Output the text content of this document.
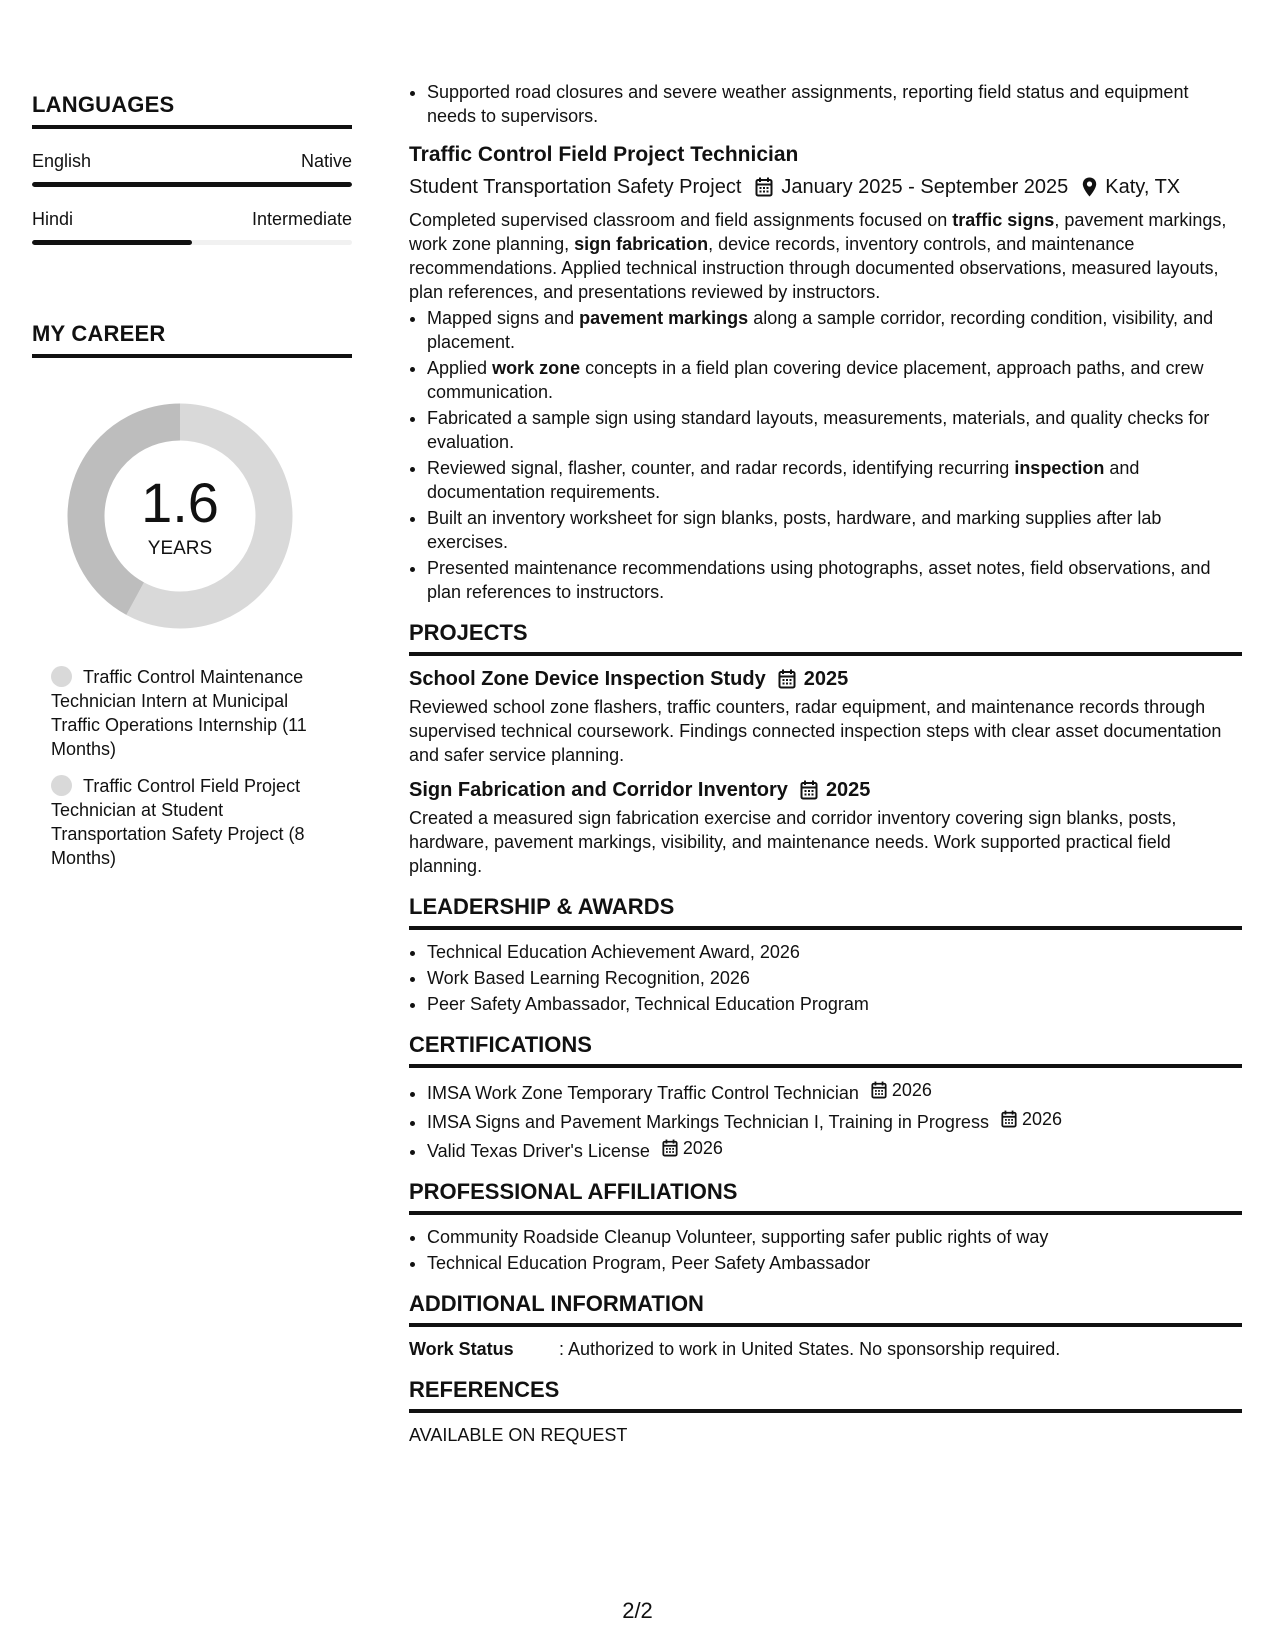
LANGUAGES
English	Native
Hindi	Intermediate
MY CAREER
1.6
YEARS
Traffic Control Maintenance Technician Intern at Municipal Traffic Operations Internship (11 Months)
Traffic Control Field Project Technician at Student Transportation Safety Project (8 Months)
• Supported road closures and severe weather assignments, reporting field status and equipment needs to supervisors.
Traffic Control Field Project Technician
Student Transportation Safety Project January 2025 - September 2025 Katy, TX
Completed supervised classroom and field assignments focused on traffic signs, pavement markings, work zone planning, sign fabrication, device records, inventory controls, and maintenance recommendations. Applied technical instruction through documented observations, measured layouts, plan references, and presentations reviewed by instructors.
• Mapped signs and pavement markings along a sample corridor, recording condition, visibility, and placement.
• Applied work zone concepts in a field plan covering device placement, approach paths, and crew communication.
• Fabricated a sample sign using standard layouts, measurements, materials, and quality checks for evaluation.
• Reviewed signal, flasher, counter, and radar records, identifying recurring inspection and documentation requirements.
• Built an inventory worksheet for sign blanks, posts, hardware, and marking supplies after lab exercises.
• Presented maintenance recommendations using photographs, asset notes, field observations, and plan references to instructors.
PROJECTS
School Zone Device Inspection Study 2025
Reviewed school zone flashers, traffic counters, radar equipment, and maintenance records through supervised technical coursework. Findings connected inspection steps with clear asset documentation and safer service planning.
Sign Fabrication and Corridor Inventory 2025
Created a measured sign fabrication exercise and corridor inventory covering sign blanks, posts, hardware, pavement markings, visibility, and maintenance needs. Work supported practical field planning.
LEADERSHIP & AWARDS
• Technical Education Achievement Award, 2026
• Work Based Learning Recognition, 2026
• Peer Safety Ambassador, Technical Education Program
CERTIFICATIONS
• IMSA Work Zone Temporary Traffic Control Technician 2026
• IMSA Signs and Pavement Markings Technician I, Training in Progress 2026
• Valid Texas Driver's License 2026
PROFESSIONAL AFFILIATIONS
• Community Roadside Cleanup Volunteer, supporting safer public rights of way
• Technical Education Program, Peer Safety Ambassador
ADDITIONAL INFORMATION
Work Status	: Authorized to work in United States. No sponsorship required.
REFERENCES
AVAILABLE ON REQUEST
2/2
